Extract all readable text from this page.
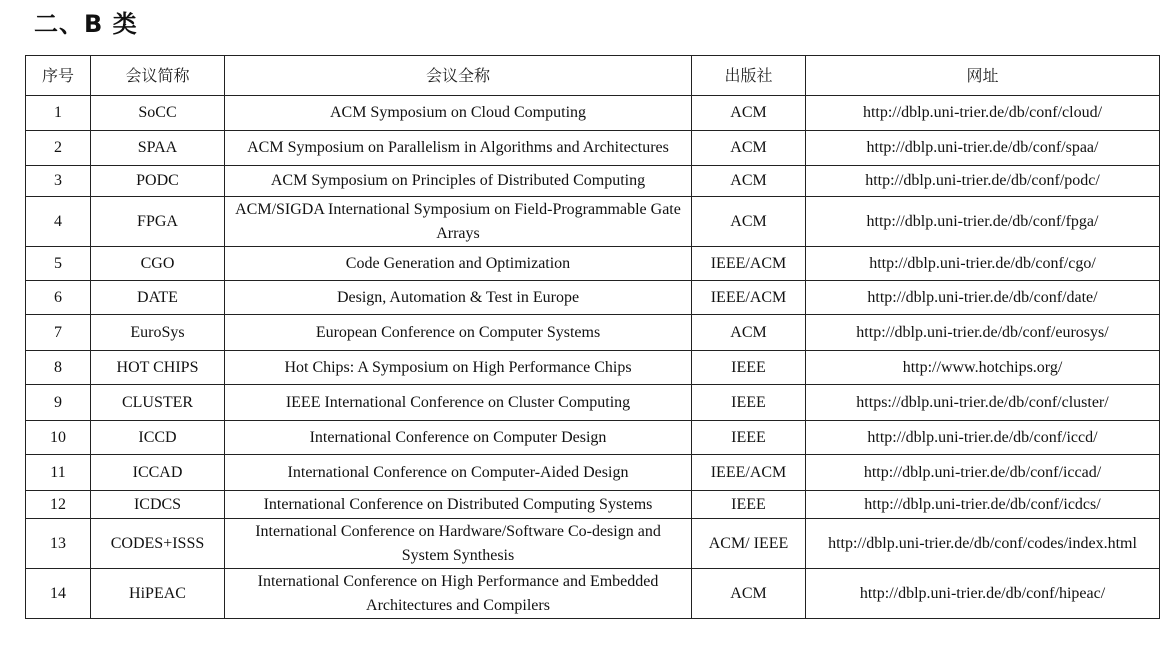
二、B 类
序号	会议简称	会议全称	出版社	网址
1	SoCC	ACM Symposium on Cloud Computing	ACM	http://dblp.uni-trier.de/db/conf/cloud/
2	SPAA	ACM Symposium on Parallelism in Algorithms and Architectures	ACM	http://dblp.uni-trier.de/db/conf/spaa/
3	PODC	ACM Symposium on Principles of Distributed Computing	ACM	http://dblp.uni-trier.de/db/conf/podc/
4	FPGA	ACM/SIGDA International Symposium on Field-Programmable Gate Arrays	ACM	http://dblp.uni-trier.de/db/conf/fpga/
5	CGO	Code Generation and Optimization	IEEE/ACM	http://dblp.uni-trier.de/db/conf/cgo/
6	DATE	Design, Automation & Test in Europe	IEEE/ACM	http://dblp.uni-trier.de/db/conf/date/
7	EuroSys	European Conference on Computer Systems	ACM	http://dblp.uni-trier.de/db/conf/eurosys/
8	HOT CHIPS	Hot Chips: A Symposium on High Performance Chips	IEEE	http://www.hotchips.org/
9	CLUSTER	IEEE International Conference on Cluster Computing	IEEE	https://dblp.uni-trier.de/db/conf/cluster/
10	ICCD	International Conference on Computer Design	IEEE	http://dblp.uni-trier.de/db/conf/iccd/
11	ICCAD	International Conference on Computer-Aided Design	IEEE/ACM	http://dblp.uni-trier.de/db/conf/iccad/
12	ICDCS	International Conference on Distributed Computing Systems	IEEE	http://dblp.uni-trier.de/db/conf/icdcs/
13	CODES+ISSS	International Conference on Hardware/Software Co-design and System Synthesis	ACM/ IEEE	http://dblp.uni-trier.de/db/conf/codes/index.html
14	HiPEAC	International Conference on High Performance and Embedded Architectures and Compilers	ACM	http://dblp.uni-trier.de/db/conf/hipeac/
